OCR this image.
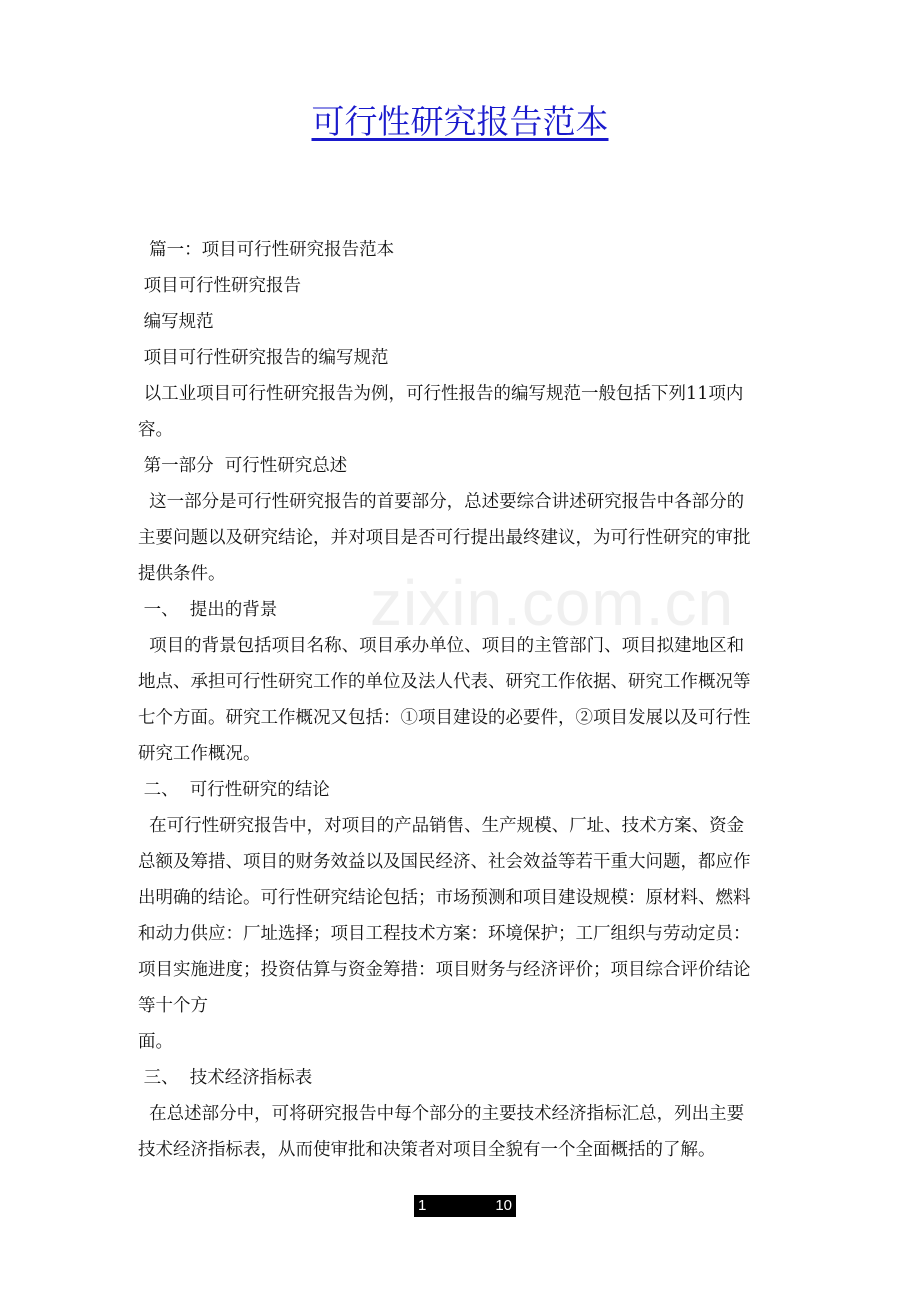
可行性研究报告范本
zixin.com.cn
篇一：项目可行性研究报告范本
项目可行性研究报告
编写规范
项目可行性研究报告的编写规范
以工业项目可行性研究报告为例，可行性报告的编写规范一般包括下列11项内
容。
第一部分  可行性研究总述
这一部分是可行性研究报告的首要部分，总述要综合讲述研究报告中各部分的
主要问题以及研究结论，并对项目是否可行提出最终建议，为可行性研究的审批
提供条件。
一、  提出的背景
项目的背景包括项目名称、项目承办单位、项目的主管部门、项目拟建地区和
地点、承担可行性研究工作的单位及法人代表、研究工作依据、研究工作概况等
七个方面。研究工作概况又包括：①项目建设的必要件，②项目发展以及可行性
研究工作概况。
二、  可行性研究的结论
在可行性研究报告中，对项目的产品销售、生产规模、厂址、技术方案、资金
总额及筹措、项目的财务效益以及国民经济、社会效益等若干重大问题，都应作
出明确的结论。可行性研究结论包括；市场预测和项目建设规模：原材料、燃料
和动力供应：厂址选择；项目工程技术方案：环境保护；工厂组织与劳动定员：
项目实施进度；投资估算与资金筹措：项目财务与经济评价；项目综合评价结论
等十个方
面。
三、  技术经济指标表
在总述部分中，可将研究报告中每个部分的主要技术经济指标汇总，列出主要
技术经济指标表，从而使审批和决策者对项目全貌有一个全面概括的了解。
1	10
